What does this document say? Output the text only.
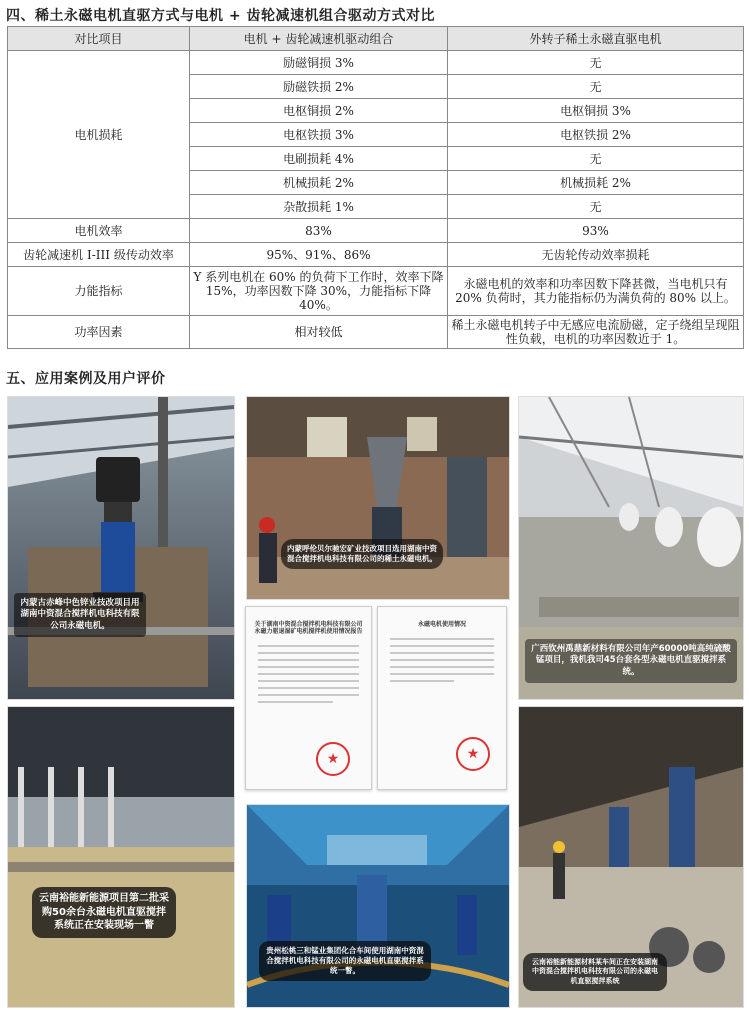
四、稀土永磁电机直驱方式与电机 + 齿轮减速机组合驱动方式对比
对比项目	电机 + 齿轮减速机驱动组合	外转子稀土永磁直驱电机
电机损耗	励磁铜损 3%	无
	励磁铁损 2%	无
	电枢铜损 2%	电枢铜损 3%
	电枢铁损 3%	电枢铁损 2%
	电刷损耗 4%	无
	机械损耗 2%	机械损耗 2%
	杂散损耗 1%	无
电机效率	83%	93%
齿轮减速机 I-III 级传动效率	95%、91%、86%	无齿轮传动效率损耗
力能指标	Y 系列电机在 60% 的负荷下工作时，效率下降 15%，功率因数下降 30%，力能指标下降 40%。	永磁电机的效率和功率因数下降甚微，当电机只有 20% 负荷时，其力能指标仍为满负荷的 80% 以上。
功率因素	相对较低	稀土永磁电机转子中无感应电流励磁，定子绕组呈现阻性负载，电机的功率因数近于 1。
五、应用案例及用户评价
内蒙古赤峰中色锌业技改项目用湖南中资混合搅拌机电科技有限公司永磁电机。
内蒙呼伦贝尔驰宏矿业技改项目选用湖南中资混合搅拌机电科技有限公司的稀土永磁电机。
关于湖南中资混合搅拌机电科技有限公司永磁力驱退湿矿电机搅拌机使用情况报告
★
永磁电机使用情况
★
广西钦州禹鼎新材料有限公司年产60000吨高纯硫酸锰项目，我机我司45台套各型永磁电机直驱搅拌系统。
云南裕能新能源项目第二批采购50余台永磁电机直驱搅拌系统正在安装现场一瞥
贵州松桃三和锰业集团化合车间使用湖南中资混合搅拌机电科技有限公司的永磁电机直驱搅拌系统一瞥。
云南裕能新能源材料某车间正在安装湖南中资混合搅拌机电科技有限公司的永磁电机直驱搅拌系统
